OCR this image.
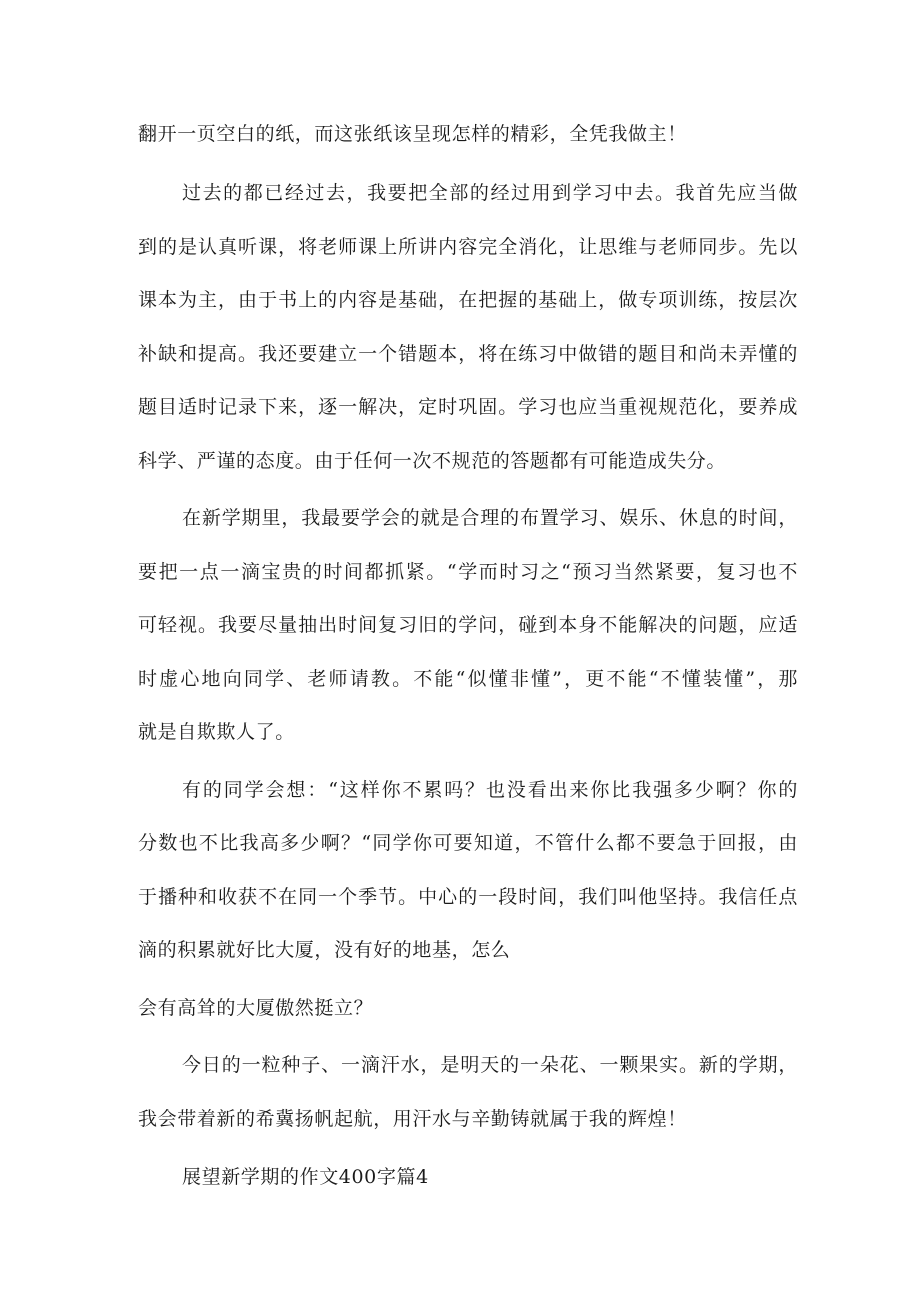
翻开一页空白的纸，而这张纸该呈现怎样的精彩，全凭我做主！
过去的都已经过去，我要把全部的经过用到学习中去。我首先应当做
到的是认真听课，将老师课上所讲内容完全消化，让思维与老师同步。先以
课本为主，由于书上的内容是基础，在把握的基础上，做专项训练，按层次
补缺和提高。我还要建立一个错题本，将在练习中做错的题目和尚未弄懂的
题目适时记录下来，逐一解决，定时巩固。学习也应当重视规范化，要养成
科学、严谨的态度。由于任何一次不规范的答题都有可能造成失分。
在新学期里，我最要学会的就是合理的布置学习、娱乐、休息的时间，
要把一点一滴宝贵的时间都抓紧。“学而时习之“预习当然紧要，复习也不
可轻视。我要尽量抽出时间复习旧的学问，碰到本身不能解决的问题，应适
时虚心地向同学、老师请教。不能“似懂非懂”，更不能“不懂装懂”，那
就是自欺欺人了。
有的同学会想：“这样你不累吗？也没看出来你比我强多少啊？你的
分数也不比我高多少啊？“同学你可要知道，不管什么都不要急于回报，由
于播种和收获不在同一个季节。中心的一段时间，我们叫他坚持。我信任点
滴的积累就好比大厦，没有好的地基，怎么
会有高耸的大厦傲然挺立？
今日的一粒种子、一滴汗水，是明天的一朵花、一颗果实。新的学期，
我会带着新的希冀扬帆起航，用汗水与辛勤铸就属于我的辉煌！
展望新学期的作文400字篇4
